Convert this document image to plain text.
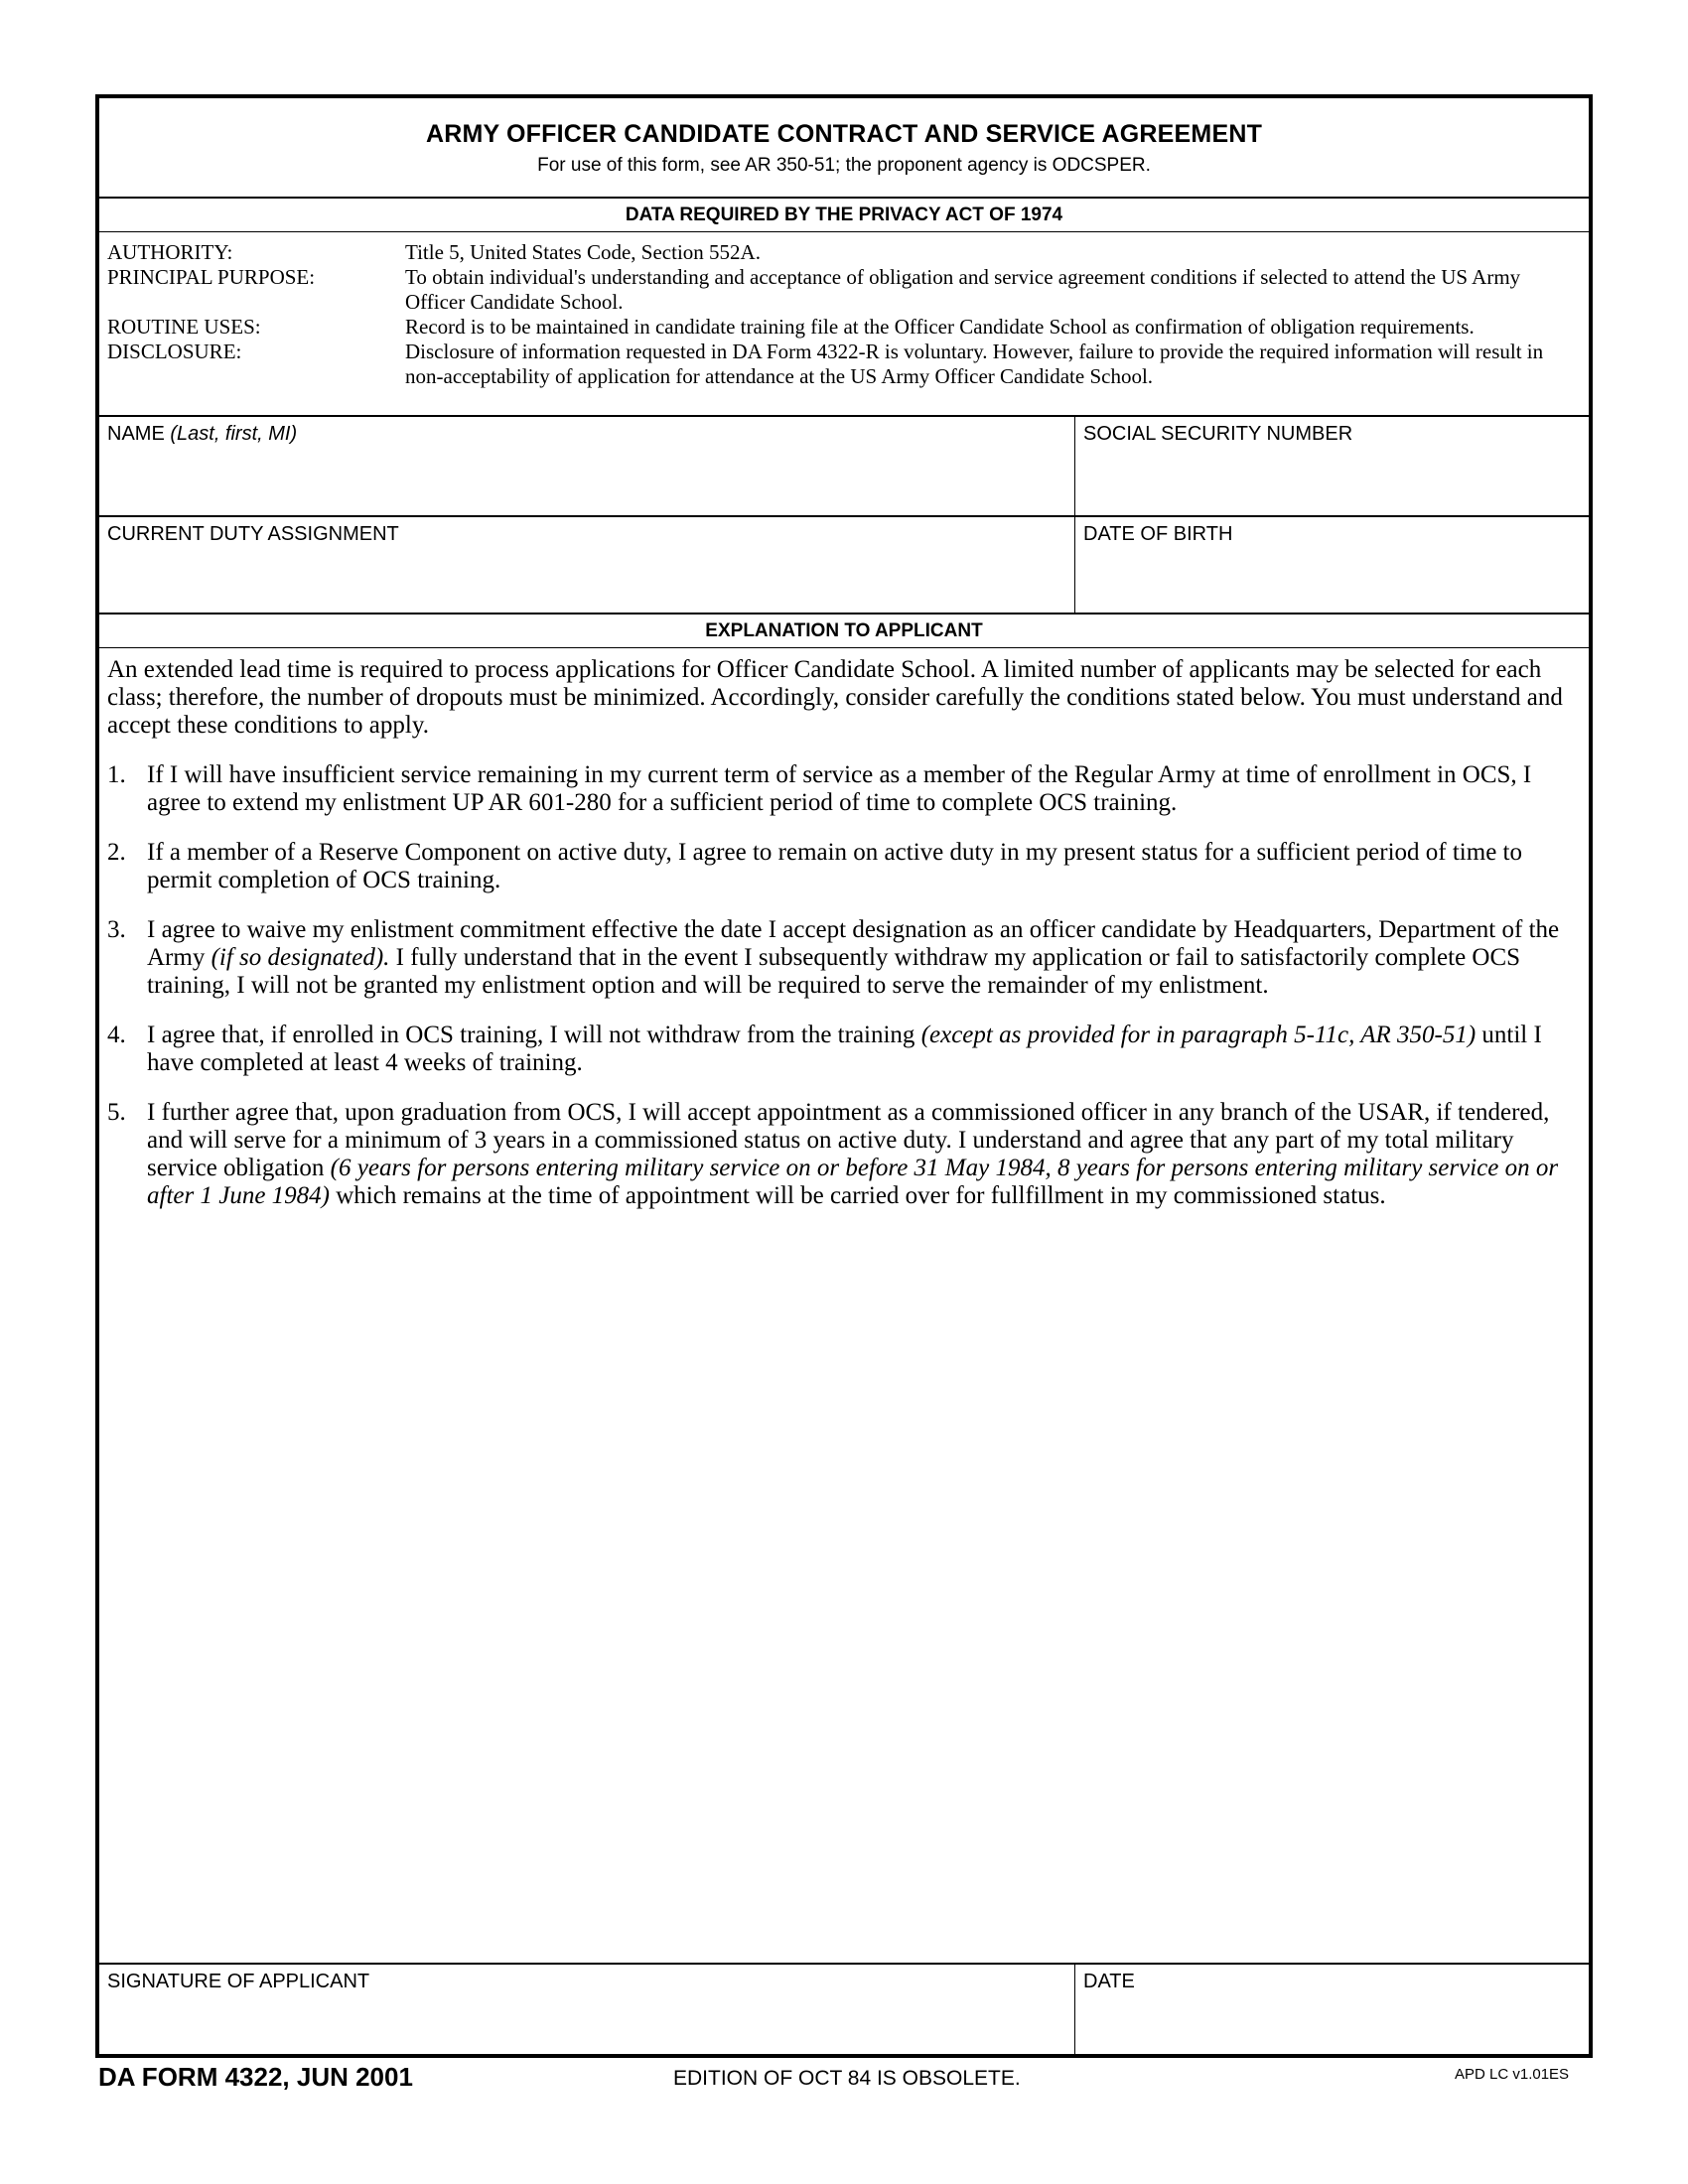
ARMY OFFICER CANDIDATE CONTRACT AND SERVICE AGREEMENT
For use of this form, see AR 350-51; the proponent agency is ODCSPER.
DATA REQUIRED BY THE PRIVACY ACT OF 1974
AUTHORITY:	Title 5, United States Code, Section 552A.
PRINCIPAL PURPOSE:	To obtain individual's understanding and acceptance of obligation and service agreement conditions if selected to attend the US Army Officer Candidate School.
ROUTINE USES:	Record is to be maintained in candidate training file at the Officer Candidate School as confirmation of obligation requirements.
DISCLOSURE:	Disclosure of information requested in DA Form 4322-R is voluntary. However, failure to provide the required information will result in non-acceptability of application for attendance at the US Army Officer Candidate School.
NAME (Last, first, MI)	SOCIAL SECURITY NUMBER
CURRENT DUTY ASSIGNMENT	DATE OF BIRTH
EXPLANATION TO APPLICANT

An extended lead time is required to process applications for Officer Candidate School. A limited number of applicants may be selected for each class; therefore, the number of dropouts must be minimized. Accordingly, consider carefully the conditions stated below. You must understand and accept these conditions to apply.

1. If I will have insufficient service remaining in my current term of service as a member of the Regular Army at time of enrollment in OCS, I agree to extend my enlistment UP AR 601-280 for a sufficient period of time to complete OCS training.
2. If a member of a Reserve Component on active duty, I agree to remain on active duty in my present status for a sufficient period of time to permit completion of OCS training.
3. I agree to waive my enlistment commitment effective the date I accept designation as an officer candidate by Headquarters, Department of the Army (if so designated). I fully understand that in the event I subsequently withdraw my application or fail to satisfactorily complete OCS training, I will not be granted my enlistment option and will be required to serve the remainder of my enlistment.
4. I agree that, if enrolled in OCS training, I will not withdraw from the training (except as provided for in paragraph 5-11c, AR 350-51) until I have completed at least 4 weeks of training.
5. I further agree that, upon graduation from OCS, I will accept appointment as a commissioned officer in any branch of the USAR, if tendered, and will serve for a minimum of 3 years in a commissioned status on active duty. I understand and agree that any part of my total military service obligation (6 years for persons entering military service on or before 31 May 1984, 8 years for persons entering military service on or after 1 June 1984) which remains at the time of appointment will be carried over for fullfillment in my commissioned status.
SIGNATURE OF APPLICANT	DATE
DA FORM 4322, JUN 2001	EDITION OF OCT 84 IS OBSOLETE.	APD LC v1.01ES
